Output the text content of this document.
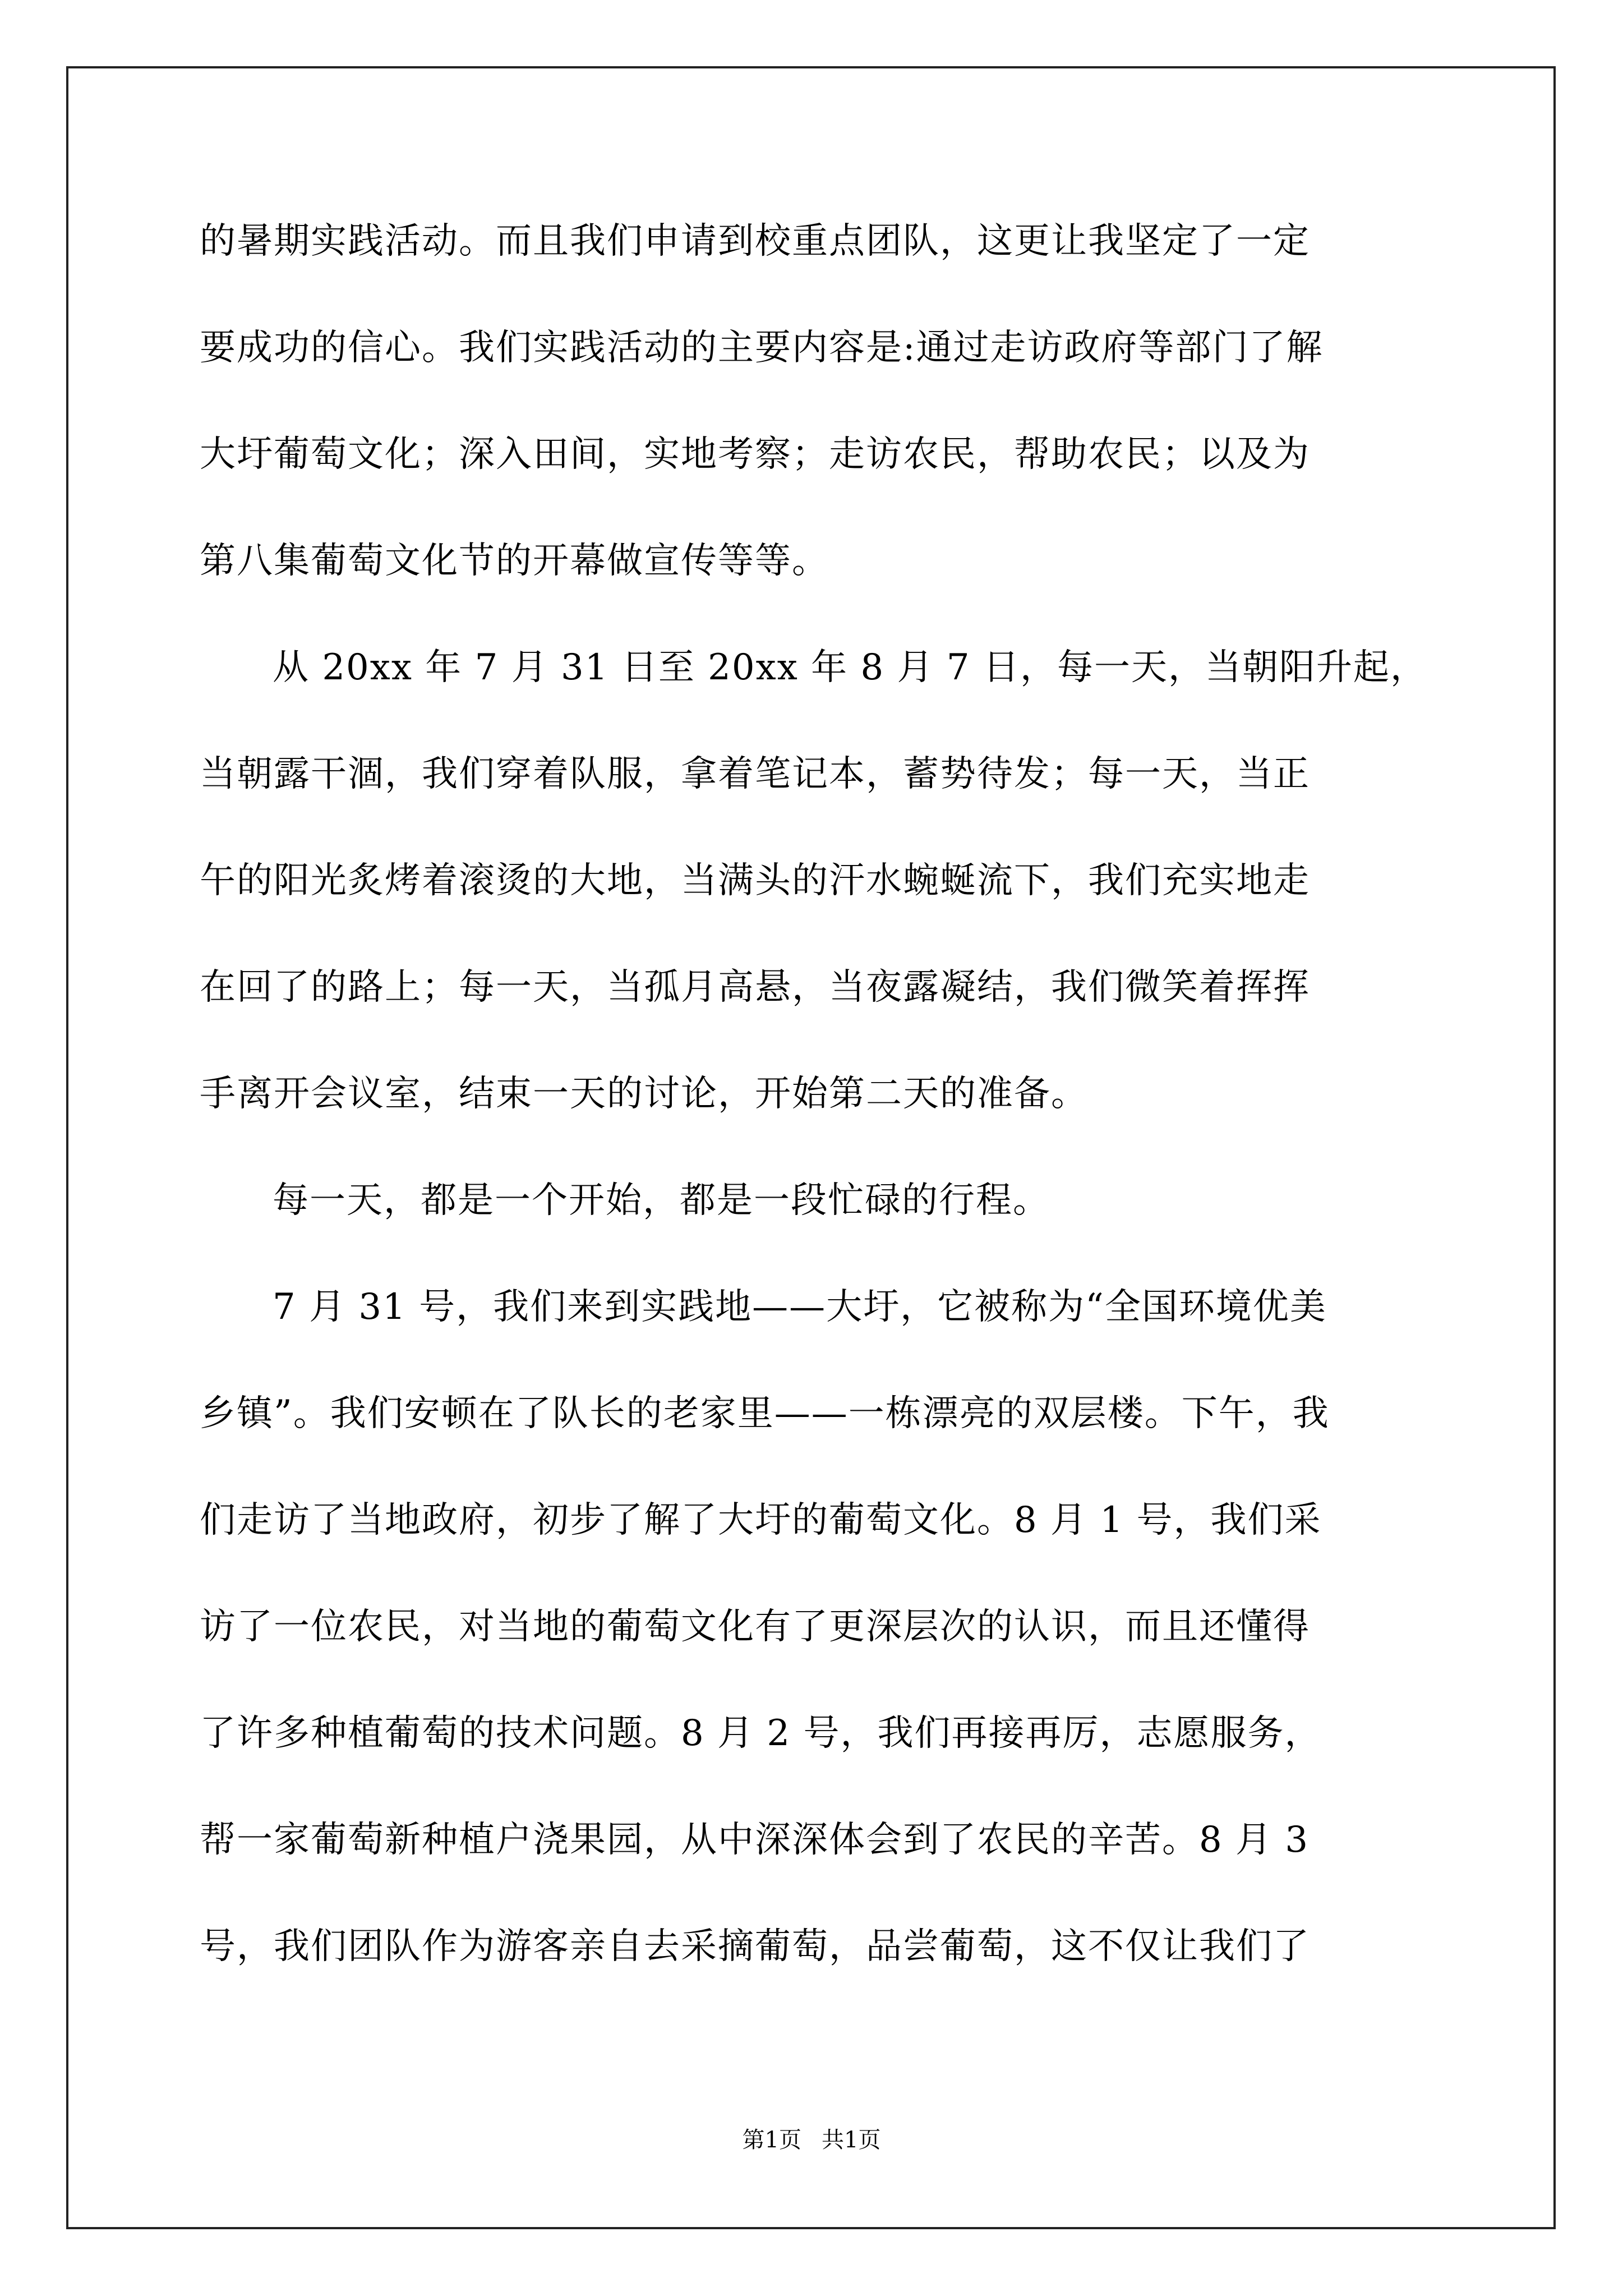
的暑期实践活动。而且我们申请到校重点团队，这更让我坚定了一定
要成功的信心。我们实践活动的主要内容是:通过走访政府等部门了解
大圩葡萄文化；深入田间，实地考察；走访农民，帮助农民；以及为
第八集葡萄文化节的开幕做宣传等等。
从 20xx 年 7 月 31 日至 20xx 年 8 月 7 日，每一天，当朝阳升起，
当朝露干涸，我们穿着队服，拿着笔记本，蓄势待发；每一天，当正
午的阳光炙烤着滚烫的大地，当满头的汗水蜿蜒流下，我们充实地走
在回了的路上；每一天，当孤月高悬，当夜露凝结，我们微笑着挥挥
手离开会议室，结束一天的讨论，开始第二天的准备。
每一天，都是一个开始，都是一段忙碌的行程。
7 月 31 号，我们来到实践地——大圩，它被称为“全国环境优美
乡镇”。我们安顿在了队长的老家里——一栋漂亮的双层楼。下午，我
们走访了当地政府，初步了解了大圩的葡萄文化。8 月 1 号，我们采
访了一位农民，对当地的葡萄文化有了更深层次的认识，而且还懂得
了许多种植葡萄的技术问题。8 月 2 号，我们再接再厉，志愿服务，
帮一家葡萄新种植户浇果园，从中深深体会到了农民的辛苦。8 月 3
号，我们团队作为游客亲自去采摘葡萄，品尝葡萄，这不仅让我们了
第1页 共1页
